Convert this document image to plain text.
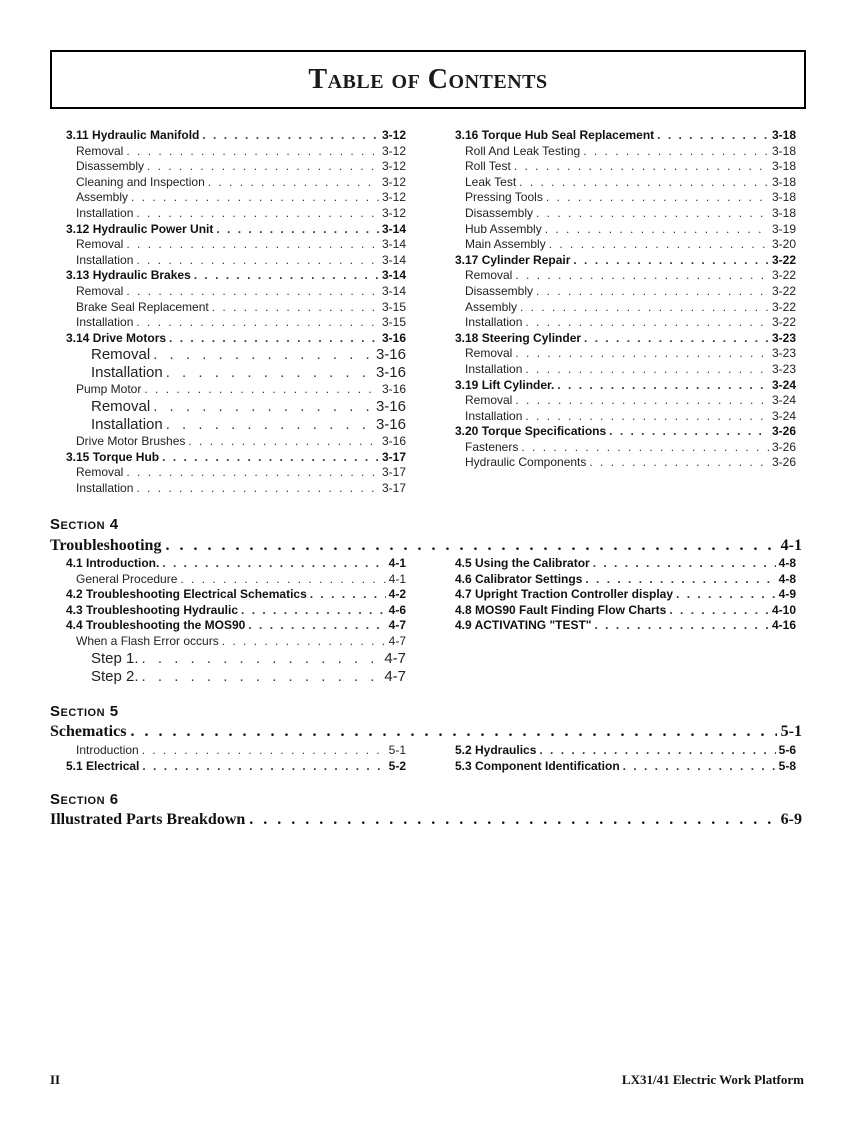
Table of Contents
3.11 Hydraulic Manifold . . .	3-12
Removal . . .	3-12
Disassembly . . .	3-12
Cleaning and Inspection . . .	3-12
Assembly . . .	3-12
Installation . . .	3-12
3.12 Hydraulic Power Unit . . .	3-14
Removal . . .	3-14
Installation . . .	3-14
3.13 Hydraulic Brakes . . .	3-14
Removal . . .	3-14
Brake Seal Replacement . . .	3-15
Installation . . .	3-15
3.14 Drive Motors . . .	3-16
Removal . . .	3-16
Installation . . .	3-16
Pump Motor . . .	3-16
Removal . . .	3-16
Installation . . .	3-16
Drive Motor Brushes . . .	3-16
3.15 Torque Hub . . .	3-17
Removal . . .	3-17
Installation . . .	3-17
3.16 Torque Hub Seal Replacement . . .	3-18
Roll And Leak Testing . . .	3-18
Roll Test . . .	3-18
Leak Test . . .	3-18
Pressing Tools . . .	3-18
Disassembly . . .	3-18
Hub Assembly . . .	3-19
Main Assembly . . .	3-20
3.17 Cylinder Repair . . .	3-22
Removal . . .	3-22
Disassembly . . .	3-22
Assembly . . .	3-22
Installation . . .	3-22
3.18 Steering Cylinder . . .	3-23
Removal . . .	3-23
Installation . . .	3-23
3.19 Lift Cylinder. . . .	3-24
Removal . . .	3-24
Installation . . .	3-24
3.20 Torque Specifications . . .	3-26
Fasteners . . .	3-26
Hydraulic Components . . .	3-26
Section 4
Troubleshooting . . .	4-1
4.1 Introduction. . . .	4-1
General Procedure . . .	4-1
4.2 Troubleshooting Electrical Schematics . . .	4-2
4.3 Troubleshooting Hydraulic . . .	4-6
4.4 Troubleshooting the MOS90 . . .	4-7
When a Flash Error occurs . . .	4-7
Step 1. . . .	4-7
Step 2. . . .	4-7
4.5 Using the Calibrator . . .	4-8
4.6 Calibrator Settings . . .	4-8
4.7 Upright Traction Controller display . . .	4-9
4.8 MOS90 Fault Finding Flow Charts . . .	4-10
4.9 ACTIVATING "TEST" . . .	4-16
Section 5
Schematics . . .	5-1
Introduction . . .	5-1
5.1 Electrical . . .	5-2
5.2 Hydraulics . . .	5-6
5.3 Component Identification . . .	5-8
Section 6
Illustrated Parts Breakdown . . .	6-9
II	LX31/41 Electric Work Platform
